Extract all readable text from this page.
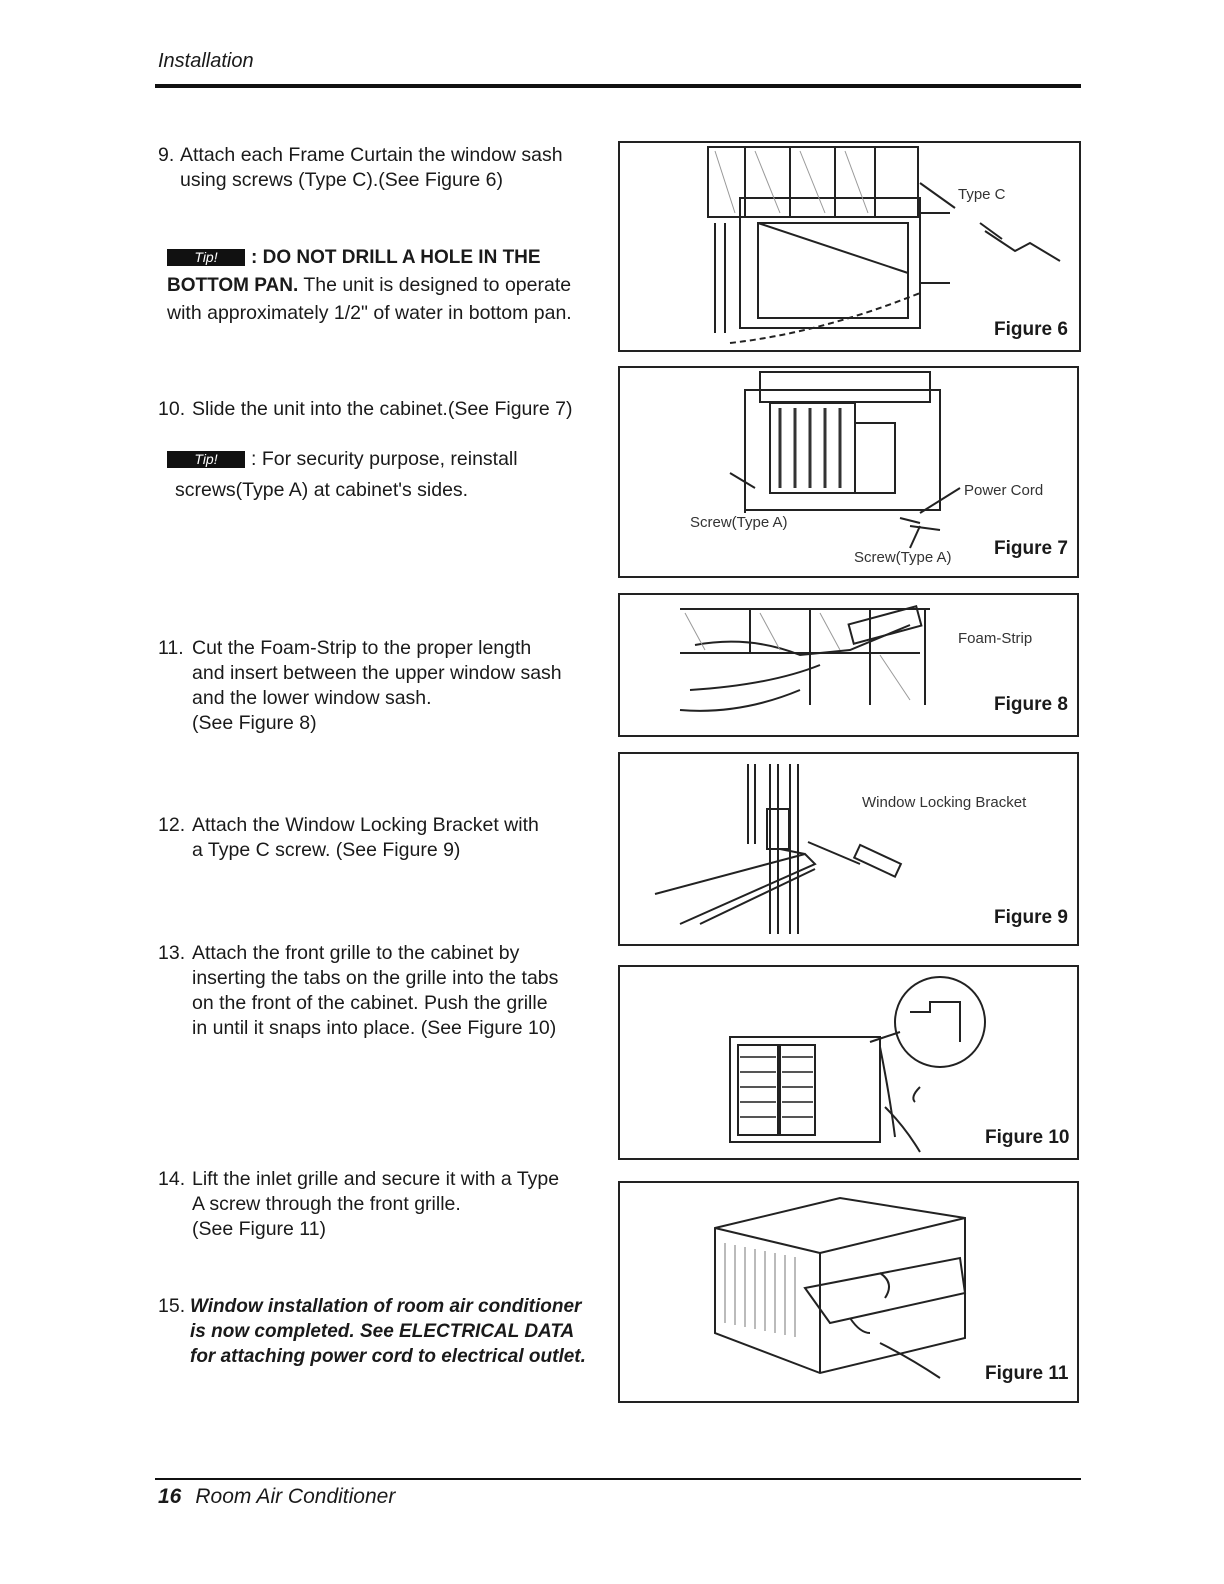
Installation
9. Attach each Frame Curtain the window sash
using screws (Type C).(See Figure 6)
Tip! : DO NOT DRILL A HOLE IN THE
BOTTOM PAN. The unit is designed to operate
with approximately 1/2" of water in bottom pan.
10. Slide the unit into the cabinet.(See Figure 7)
Tip! : For security purpose, reinstall
screws(Type A) at cabinet's sides.
11. Cut the Foam-Strip to the proper length
and insert between the upper window sash
and the lower window sash.
(See Figure 8)
12. Attach the Window Locking Bracket with
a Type C screw. (See Figure 9)
13. Attach the front grille to the cabinet by
inserting the tabs on the grille into the tabs
on the front of the cabinet. Push the grille
in until it snaps into place. (See Figure 10)
14. Lift the inlet grille and secure it with a Type
A screw through the front grille.
(See Figure 11)
15. Window installation of room air conditioner
is now completed. See ELECTRICAL DATA
for attaching power cord to electrical outlet.
Type C
Figure 6
Power Cord
Screw(Type A)
Screw(Type A) Figure 7
Foam-Strip
Figure 8
Window Locking Bracket
Figure 9
Figure 10
Figure 11
16 Room Air Conditioner
